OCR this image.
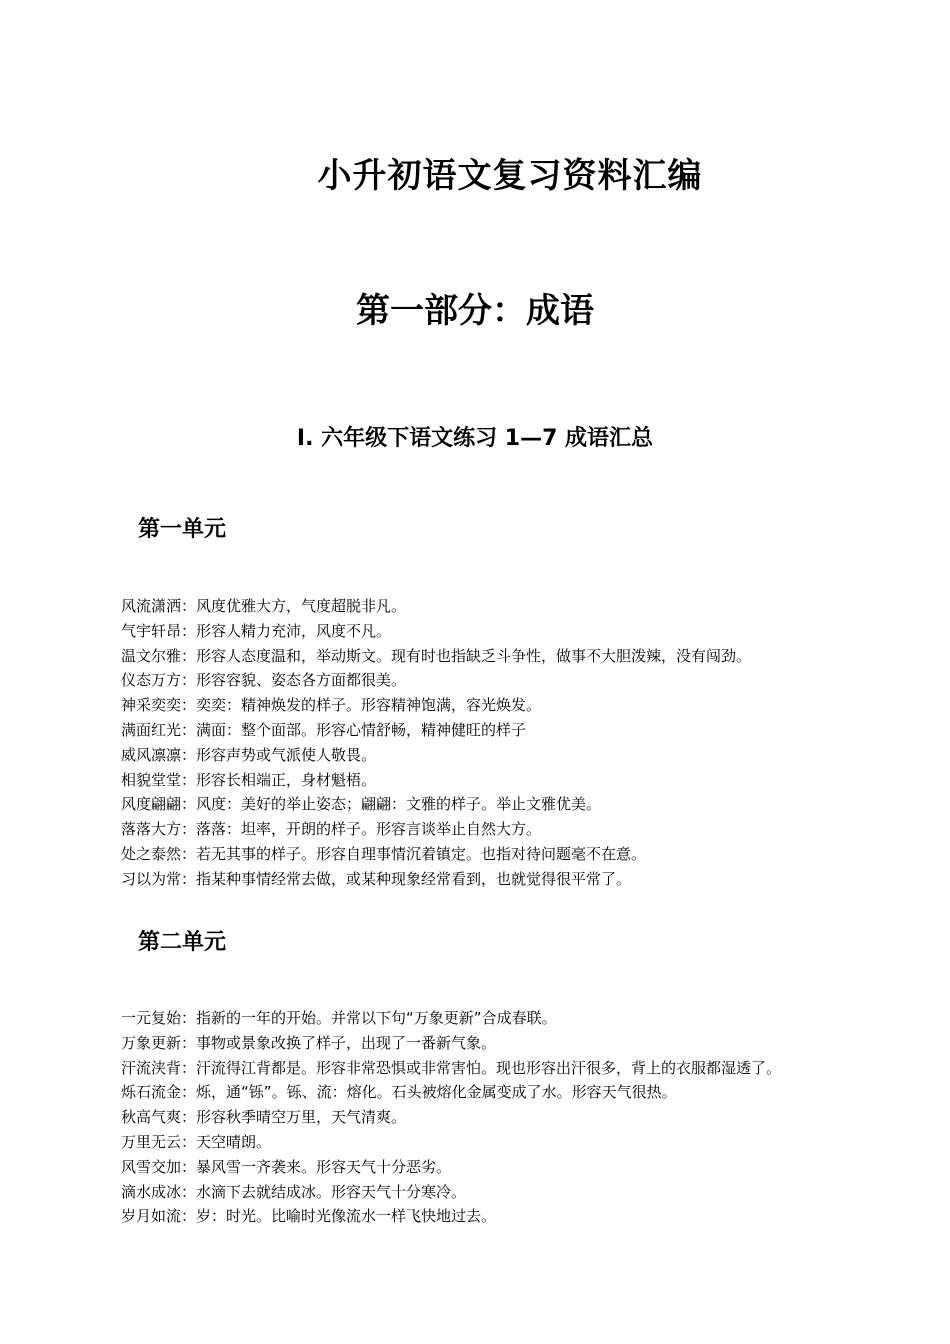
小升初语文复习资料汇编
第一部分：成语
I. 六年级下语文练习 1—7 成语汇总
第一单元
风流潇洒 ： 风度优雅大方，气度超脱非凡。
气宇轩昂 ： 形容人精力充沛，风度不凡。
温文尔雅 ： 形容人态度温和，举动斯文。现有时也指缺乏斗争性，做事不大胆泼辣，没有闯劲。
仪态万方 ： 形容容貌、姿态各方面都很美。
神采奕奕 ： 奕奕：精神焕发的样子。形容精神饱满，容光焕发。
满面红光 ： 满面：整个面部。形容心情舒畅，精神健旺的样子
威风凛凛 ： 形容声势或气派使人敬畏。
相貌堂堂 ： 形容长相端正，身材魁梧。
风度翩翩 ： 风度：美好的举止姿态；翩翩：文雅的样子。举止文雅优美。
落落大方 ： 落落：坦率，开朗的样子。形容言谈举止自然大方。
处之泰然 ： 若无其事的样子。形容自理事情沉着镇定。也指对待问题毫不在意。
习以为常 ： 指某种事情经常去做，或某种现象经常看到，也就觉得很平常了。
第二单元
一元复始 ： 指新的一年的开始。并常以下句“万象更新”合成春联。
万象更新 ： 事物或景象改换了样子，出现了一番新气象。
汗流浃背 ： 汗流得江背都是。形容非常恐惧或非常害怕。现也形容出汗很多，背上的衣服都湿透了。
烁石流金 ： 烁，通“铄”。铄、流：熔化。石头被熔化金属变成了水。形容天气很热。
秋高气爽 ： 形容秋季晴空万里，天气清爽。
万里无云 ： 天空晴朗。
风雪交加 ： 暴风雪一齐袭来。形容天气十分恶劣。
滴水成冰 ： 水滴下去就结成冰。形容天气十分寒冷。
岁月如流 ： 岁：时光。比喻时光像流水一样飞快地过去。
